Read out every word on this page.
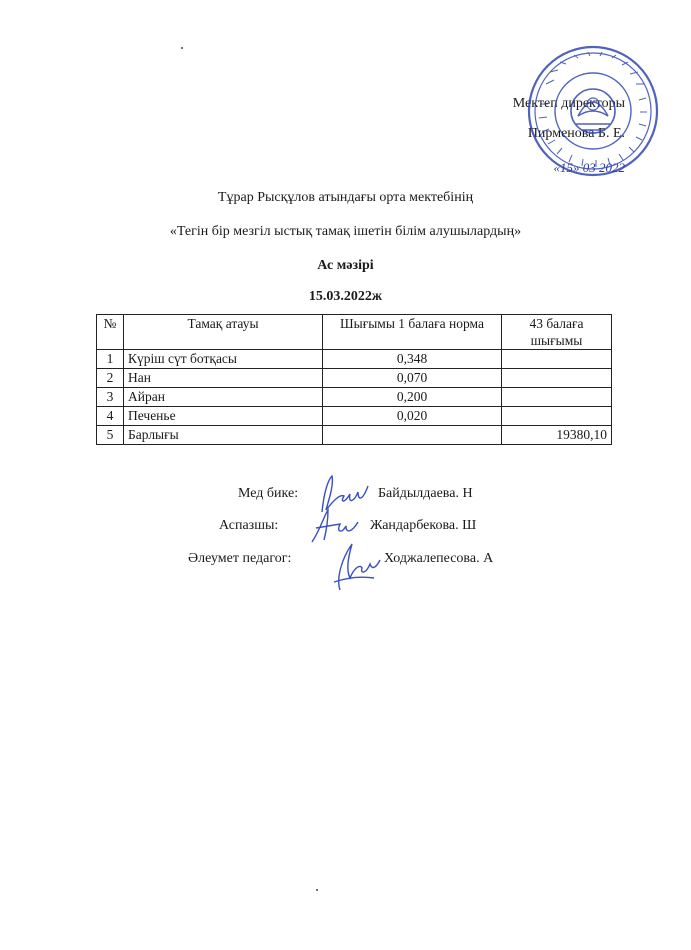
Мектеп директоры
Пирменова Б. Е.
«15» 03 2022
Тұрар Рысқұлов атындағы орта мектебінің
«Тегін бір мезгіл ыстық тамақ ішетін білім алушылардың»
Ас мәзірі
15.03.2022ж
№	Тамақ атауы	Шығымы 1 балаға норма	43 балаға шығымы
1	Күріш сүт ботқасы	0,348	
2	Нан	0,070	
3	Айран	0,200	
4	Печенье	0,020	
5	Барлығы		19380,10
Мед бике:	Байдылдаева. Н
Аспазшы:	Жандарбекова. Ш
Әлеумет педагог:	Ходжалепесова. А
